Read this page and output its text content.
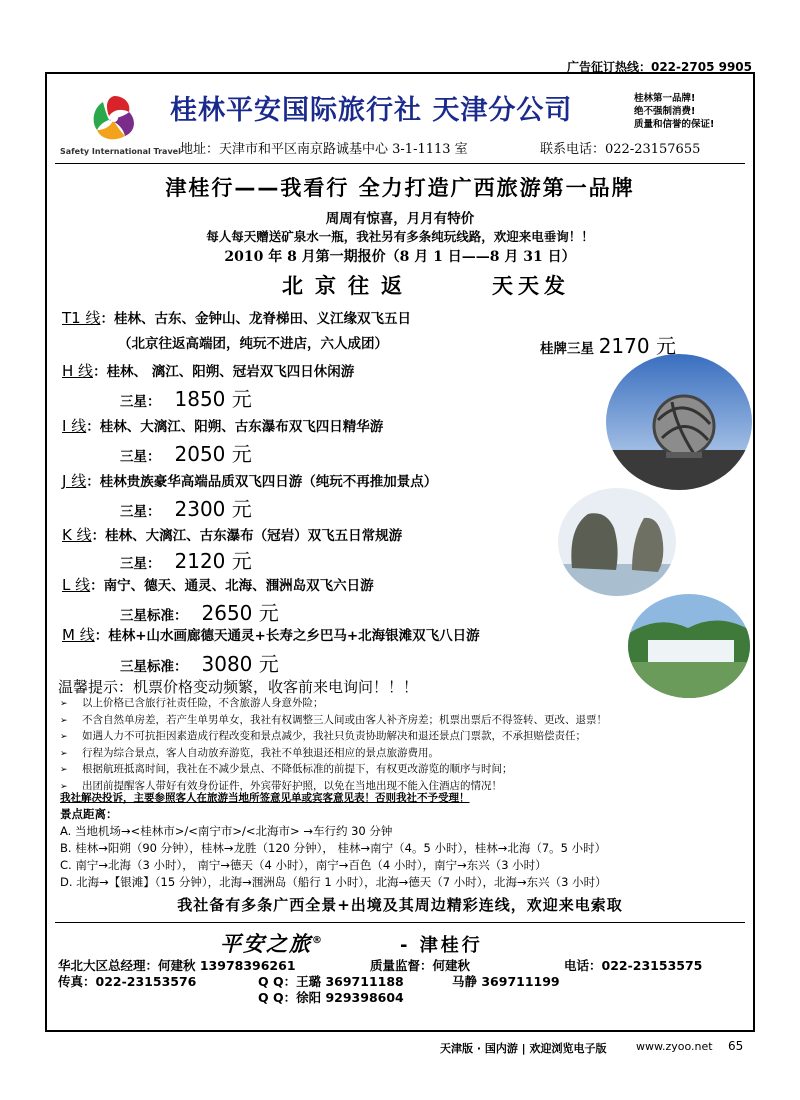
广告征订热线：022-2705 9905
Safety International Travel
桂林平安国际旅行社 天津分公司	桂林第一品牌!
绝不强制消费!
质量和信誉的保证!
地址：天津市和平区南京路诚基中心 3-1-1113 室	联系电话：022-23157655
津桂行——我看行 全力打造广西旅游第一品牌
周周有惊喜，月月有特价
每人每天赠送矿泉水一瓶，我社另有多条纯玩线路，欢迎来电垂询！！
2010 年 8 月第一期报价（8 月 1 日——8 月 31 日）
北京往返	天天发
T1 线：桂林、古东、金钟山、龙脊梯田、义江缘双飞五日
（北京往返高端团，纯玩不进店，六人成团）	桂牌三星 2170 元
H 线：桂林、 漓江、阳朔、冠岩双飞四日休闲游
三星： 1850 元
I 线：桂林、大漓江、阳朔、古东瀑布双飞四日精华游
三星： 2050 元
J 线：桂林贵族豪华高端品质双飞四日游（纯玩不再推加景点）
三星： 2300 元
K 线：桂林、大漓江、古东瀑布（冠岩）双飞五日常规游
三星： 2120 元
L 线：南宁、德天、通灵、北海、涠洲岛双飞六日游
三星标准： 2650 元
M 线：桂林+山水画廊德天通灵+长寿之乡巴马+北海银滩双飞八日游
三星标准： 3080 元
温馨提示：机票价格变动频繁，收客前来电询问！！！
➢ 以上价格已含旅行社责任险，不含旅游人身意外险；
➢ 不含自然单房差，若产生单男单女，我社有权调整三人间或由客人补齐房差；机票出票后不得签转、更改、退票！
➢ 如遇人力不可抗拒因素造成行程改变和景点减少，我社只负责协助解决和退还景点门票款，不承担赔偿责任；
➢ 行程为综合景点，客人自动放弃游览，我社不单独退还相应的景点旅游费用。
➢ 根据航班抵离时间，我社在不减少景点、不降低标准的前提下，有权更改游览的顺序与时间；
➢ 出团前提醒客人带好有效身份证件，外宾带好护照，以免在当地出现不能入住酒店的情况！
我社解决投诉，主要参照客人在旅游当地所签意见单或宾客意见表！否则我社不予受理！
景点距离：
A. 当地机场→<桂林市>/<南宁市>/<北海市> →车行约 30 分钟
B. 桂林→阳朔（90 分钟），桂林→龙胜（120 分钟）， 桂林→南宁（4。5 小时），桂林→北海（7。5 小时）
C. 南宁→北海（3 小时）， 南宁→德天（4 小时），南宁→百色（4 小时），南宁→东兴（3 小时）
D. 北海→【银滩】（15 分钟），北海→涠洲岛（船行 1 小时），北海→德天（7 小时），北海→东兴（3 小时）
我社备有多条广西全景+出境及其周边精彩连线，欢迎来电索取
平安之旅®	- 津桂行
华北大区总经理：何建秋 13978396261	质量监督：何建秋	电话：022-23153575
传真：022-23153576	Q Q：王璐 369711188	马静 369711199
Q Q：徐阳 929398604
天津版 · 国内游 | 欢迎浏览电子版	www.zyoo.net 65
